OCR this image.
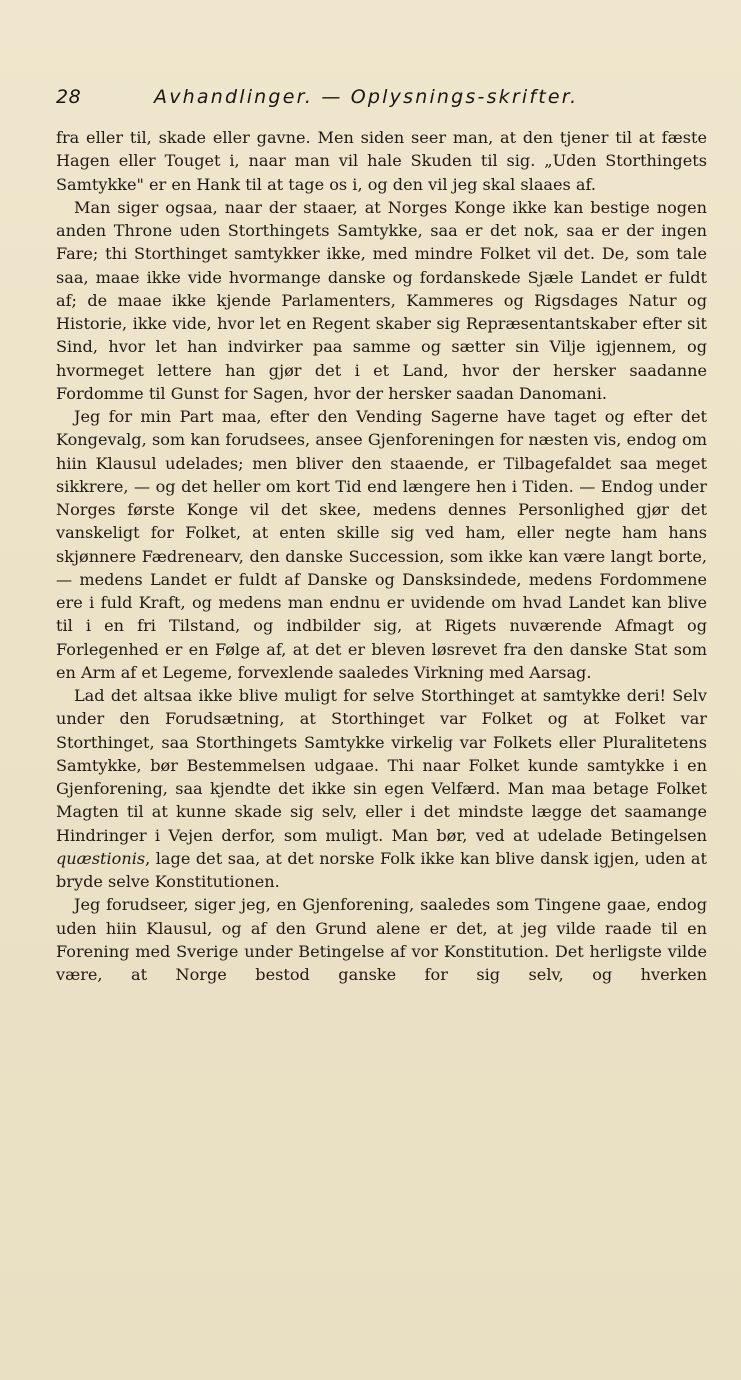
28	Avhandlinger. — Oplysnings-skrifter.

fra eller til, skade eller gavne. Men siden seer man, at den tjener til at fæste Hagen eller Touget i, naar man vil hale Skuden til sig. „Uden Storthingets Samtykke" er en Hank til at tage os i, og den vil jeg skal slaaes af.

Man siger ogsaa, naar der staaer, at Norges Konge ikke kan bestige nogen anden Throne uden Storthingets Samtykke, saa er det nok, saa er der ingen Fare; thi Storthinget samtykker ikke, med mindre Folket vil det. De, som tale saa, maae ikke vide hvormange danske og fordanskede Sjæle Landet er fuldt af; de maae ikke kjende Parlamenters, Kammeres og Rigsdages Natur og Historie, ikke vide, hvor let en Regent skaber sig Repræsentantskaber efter sit Sind, hvor let han indvirker paa samme og sætter sin Vilje igjennem, og hvormeget lettere han gjør det i et Land, hvor der hersker saadanne Fordomme til Gunst for Sagen, hvor der hersker saadan Danomani.

Jeg for min Part maa, efter den Vending Sagerne have taget og efter det Kongevalg, som kan forudsees, ansee Gjenforeningen for næsten vis, endog om hiin Klausul udelades; men bliver den staaende, er Tilbagefaldet saa meget sikkrere, — og det heller om kort Tid end længere hen i Tiden. — Endog under Norges første Konge vil det skee, medens dennes Personlighed gjør det vanskeligt for Folket, at enten skille sig ved ham, eller negte ham hans skjønnere Fædrenearv, den danske Succession, som ikke kan være langt borte, — medens Landet er fuldt af Danske og Dansksindede, medens Fordommene ere i fuld Kraft, og medens man endnu er uvidende om hvad Landet kan blive til i en fri Tilstand, og indbilder sig, at Rigets nuværende Afmagt og Forlegenhed er en Følge af, at det er bleven løsrevet fra den danske Stat som en Arm af et Legeme, forvexlende saaledes Virkning med Aarsag.

Lad det altsaa ikke blive muligt for selve Storthinget at samtykke deri! Selv under den Forudsætning, at Storthinget var Folket og at Folket var Storthinget, saa Storthingets Samtykke virkelig var Folkets eller Pluralitetens Samtykke, bør Bestemmelsen udgaae. Thi naar Folket kunde samtykke i en Gjenforening, saa kjendte det ikke sin egen Velfærd. Man maa betage Folket Magten til at kunne skade sig selv, eller i det mindste lægge det saamange Hindringer i Vejen derfor, som muligt. Man bør, ved at udelade Betingelsen quæstionis, lage det saa, at det norske Folk ikke kan blive dansk igjen, uden at bryde selve Konstitutionen.

Jeg forudseer, siger jeg, en Gjenforening, saaledes som Tingene gaae, endog uden hiin Klausul, og af den Grund alene er det, at jeg vilde raade til en Forening med Sverige under Betingelse af vor Konstitution. Det herligste vilde være, at Norge bestod ganske for sig selv, og hverken
